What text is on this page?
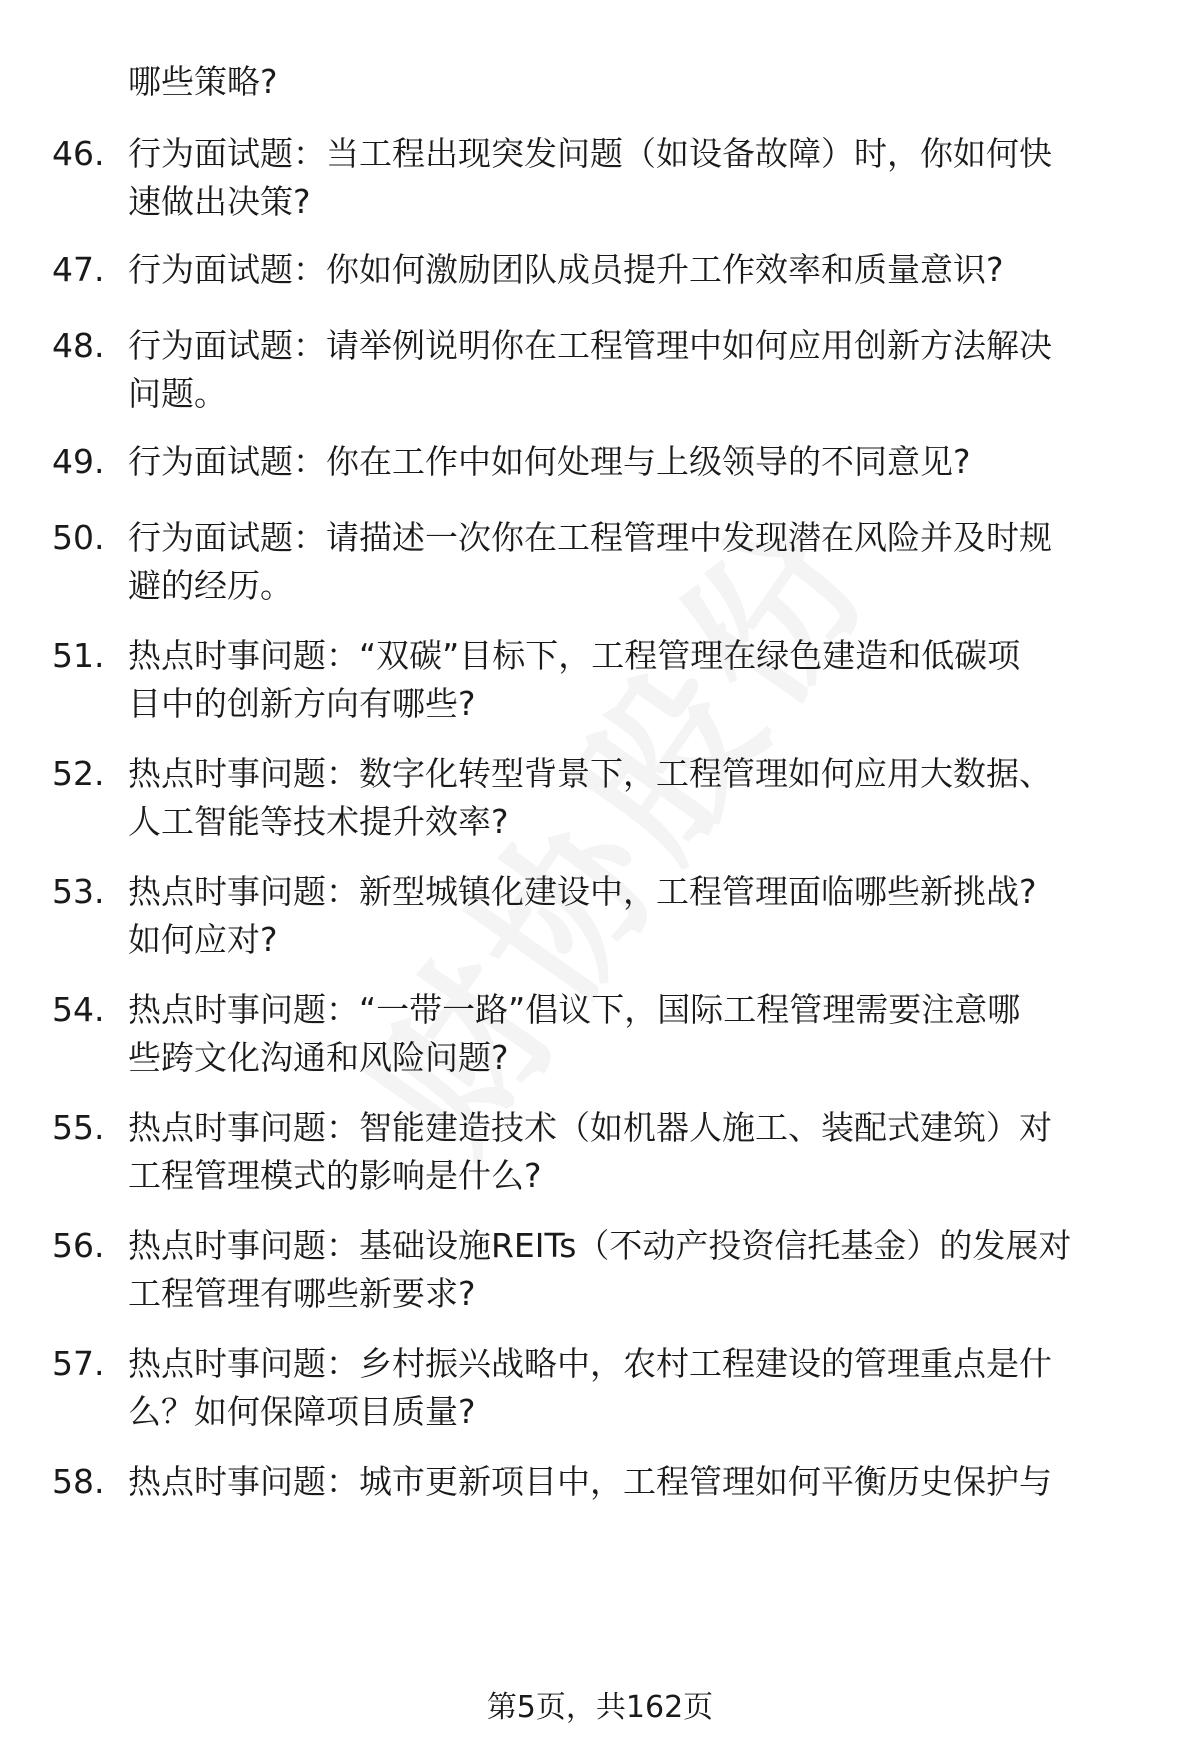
哪些策略?
46. 行为面试题：当工程出现突发问题（如设备故障）时，你如何快
速做出决策?
47. 行为面试题：你如何激励团队成员提升工作效率和质量意识?
48. 行为面试题：请举例说明你在工程管理中如何应用创新方法解决
问题。
49. 行为面试题：你在工作中如何处理与上级领导的不同意见?
50. 行为面试题：请描述一次你在工程管理中发现潜在风险并及时规
避的经历。
51. 热点时事问题：“双碳”目标下，工程管理在绿色建造和低碳项
目中的创新方向有哪些?
52. 热点时事问题：数字化转型背景下，工程管理如何应用大数据、
人工智能等技术提升效率?
53. 热点时事问题：新型城镇化建设中，工程管理面临哪些新挑战?
如何应对?
54. 热点时事问题：“一带一路”倡议下，国际工程管理需要注意哪
些跨文化沟通和风险问题?
55. 热点时事问题：智能建造技术（如机器人施工、装配式建筑）对
工程管理模式的影响是什么?
56. 热点时事问题：基础设施REITs（不动产投资信托基金）的发展对
工程管理有哪些新要求?
57. 热点时事问题：乡村振兴战略中，农村工程建设的管理重点是什
么？如何保障项目质量?
58. 热点时事问题：城市更新项目中，工程管理如何平衡历史保护与
第5页，共162页
